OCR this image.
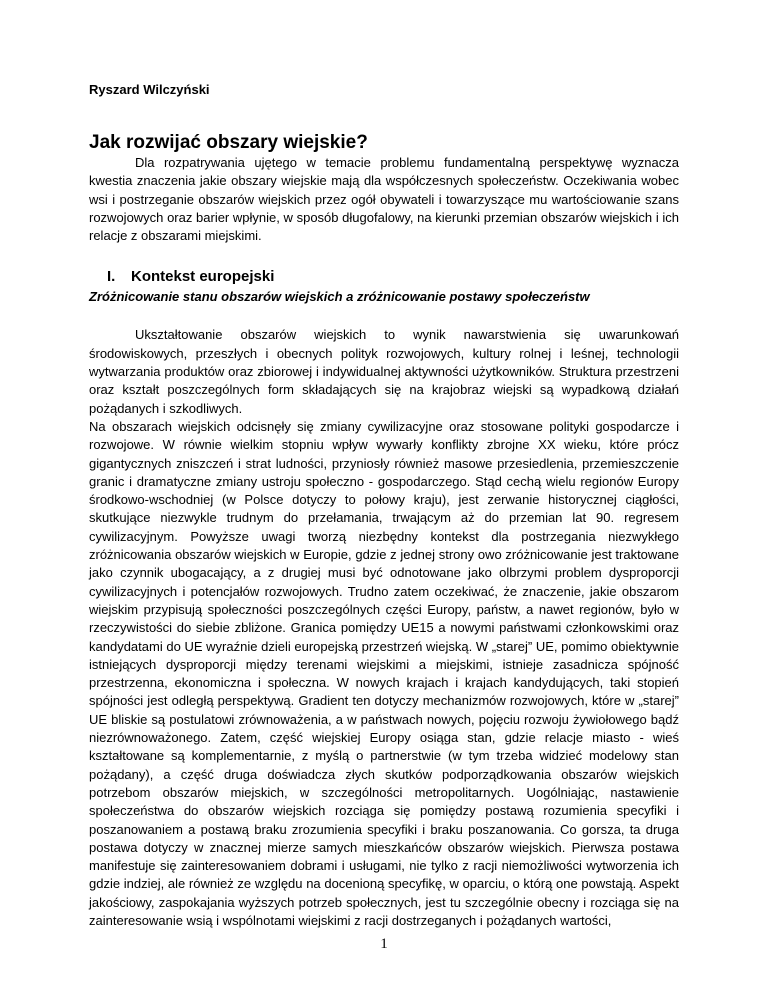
Ryszard Wilczyński

Jak rozwijać obszary wiejskie?

Dla rozpatrywania ujętego w temacie problemu fundamentalną perspektywę wyznacza kwestia znaczenia jakie obszary wiejskie mają dla współczesnych społeczeństw. Oczekiwania wobec wsi i postrzeganie obszarów wiejskich przez ogół obywateli i towarzyszące mu wartościowanie szans rozwojowych oraz barier wpłynie, w sposób długofalowy, na kierunki przemian obszarów wiejskich i ich relacje z obszarami miejskimi.

I.	Kontekst europejski

Zróżnicowanie stanu obszarów wiejskich a zróżnicowanie postawy społeczeństw

Ukształtowanie obszarów wiejskich to wynik nawarstwienia się uwarunkowań środowiskowych, przeszłych i obecnych polityk rozwojowych, kultury rolnej i leśnej, technologii wytwarzania produktów oraz zbiorowej i indywidualnej aktywności użytkowników. Struktura przestrzeni oraz kształt poszczególnych form składających się na krajobraz wiejski są wypadkową działań pożądanych i szkodliwych.

Na obszarach wiejskich odcisnęły się zmiany cywilizacyjne oraz stosowane polityki gospodarcze i rozwojowe. W równie wielkim stopniu wpływ wywarły konflikty zbrojne XX wieku, które prócz gigantycznych zniszczeń i strat ludności, przyniosły również masowe przesiedlenia, przemieszczenie granic i dramatyczne zmiany ustroju społeczno - gospodarczego. Stąd cechą wielu regionów Europy środkowo-wschodniej (w Polsce dotyczy to połowy kraju), jest zerwanie historycznej ciągłości, skutkujące niezwykle trudnym do przełamania, trwającym aż do przemian lat 90. regresem cywilizacyjnym. Powyższe uwagi tworzą niezbędny kontekst dla postrzegania niezwykłego zróżnicowania obszarów wiejskich w Europie, gdzie z jednej strony owo zróżnicowanie jest traktowane jako czynnik ubogacający, a z drugiej musi być odnotowane jako olbrzymi problem dysproporcji cywilizacyjnych i potencjałów rozwojowych. Trudno zatem oczekiwać, że znaczenie, jakie obszarom wiejskim przypisują społeczności poszczególnych części Europy, państw, a nawet regionów, było w rzeczywistości do siebie zbliżone. Granica pomiędzy UE15 a nowymi państwami członkowskimi oraz kandydatami do UE wyraźnie dzieli europejską przestrzeń wiejską. W „starej” UE, pomimo obiektywnie istniejących dysproporcji między terenami wiejskimi a miejskimi, istnieje zasadnicza spójność przestrzenna, ekonomiczna i społeczna. W nowych krajach i krajach kandydujących, taki stopień spójności jest odległą perspektywą. Gradient ten dotyczy mechanizmów rozwojowych, które w „starej” UE bliskie są postulatowi zrównoważenia, a w państwach nowych, pojęciu rozwoju żywiołowego bądź niezrównoważonego. Zatem, część wiejskiej Europy osiąga stan, gdzie relacje miasto - wieś kształtowane są komplementarnie, z myślą o partnerstwie (w tym trzeba widzieć modelowy stan pożądany), a część druga doświadcza złych skutków podporządkowania obszarów wiejskich potrzebom obszarów miejskich, w szczególności metropolitarnych. Uogólniając, nastawienie społeczeństwa do obszarów wiejskich rozciąga się pomiędzy postawą rozumienia specyfiki i poszanowaniem a postawą braku zrozumienia specyfiki i braku poszanowania. Co gorsza, ta druga postawa dotyczy w znacznej mierze samych mieszkańców obszarów wiejskich. Pierwsza postawa manifestuje się zainteresowaniem dobrami i usługami, nie tylko z racji niemożliwości wytworzenia ich gdzie indziej, ale również ze względu na docenioną specyfikę, w oparciu, o którą one powstają. Aspekt jakościowy, zaspokajania wyższych potrzeb społecznych, jest tu szczególnie obecny i rozciąga się na zainteresowanie wsią i wspólnotami wiejskimi z racji dostrzeganych i pożądanych wartości,

1
